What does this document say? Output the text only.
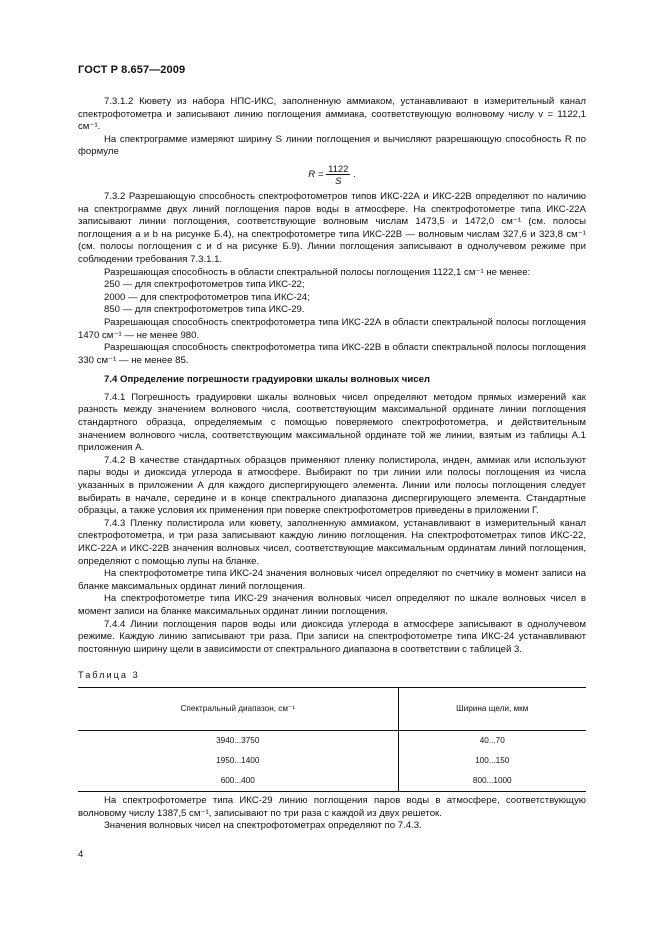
ГОСТ Р 8.657—2009

7.3.1.2 Кювету из набора НПС-ИКС, заполненную аммиаком, устанавливают в измерительный канал спектрофотометра и записывают линию поглощения аммиака, соответствующую волновому числу v = 1122,1 см⁻¹.

На спектрограмме измеряют ширину S линии поглощения и вычисляют разрешающую способность R по формуле

$R = \frac{1122}{S}$ .

7.3.2 Разрешающую способность спектрофотометров типов ИКС-22А и ИКС-22В определяют по наличию на спектрограмме двух линий поглощения паров воды в атмосфере. На спектрофотометре типа ИКС-22А записывают линии поглощения, соответствующие волновым числам 1473,5 и 1472,0 см⁻¹ (см. полосы поглощения a и b на рисунке Б.4), на спектрофотометре типа ИКС-22В — волновым числам 327,6 и 323,8 см⁻¹ (см. полосы поглощения c и d на рисунке Б.9). Линии поглощения записывают в однолучевом режиме при соблюдении требования 7.3.1.1.

Разрешающая способность в области спектральной полосы поглощения 1122,1 см⁻¹ не менее:

250 — для спектрофотометров типа ИКС-22;

2000 — для спектрофотометров типа ИКС-24;

850 — для спектрофотометров типа ИКС-29.

Разрешающая способность спектрофотометра типа ИКС-22А в области спектральной полосы поглощения 1470 см⁻¹ — не менее 980.

Разрешающая способность спектрофотометра типа ИКС-22В в области спектральной полосы поглощения 330 см⁻¹ — не менее 85.

7.4 Определение погрешности градуировки шкалы волновых чисел

7.4.1 Погрешность градуировки шкалы волновых чисел определяют методом прямых измерений как разность между значением волнового числа, соответствующим максимальной ординате линии поглощения стандартного образца, определяемым с помощью поверяемого спектрофотометра, и действительным значением волнового числа, соответствующим максимальной ординате той же линии, взятым из таблицы А.1 приложения А.

7.4.2 В качестве стандартных образцов применяют пленку полистирола, инден, аммиак или используют пары воды и диоксида углерода в атмосфере. Выбирают по три линии или полосы поглощения из числа указанных в приложении А для каждого диспергирующего элемента. Линии или полосы поглощения следует выбирать в начале, середине и в конце спектрального диапазона диспергирующего элемента. Стандартные образцы, а также условия их применения при поверке спектрофотометров приведены в приложении Г.

7.4.3 Пленку полистирола или кювету, заполненную аммиаком, устанавливают в измерительный канал спектрофотометра, и три раза записывают каждую линию поглощения. На спектрофотометрах типов ИКС-22, ИКС-22А и ИКС-22В значения волновых чисел, соответствующие максимальным ординатам линий поглощения, определяют с помощью лупы на бланке.

На спектрофотометре типа ИКС-24 значения волновых чисел определяют по счетчику в момент записи на бланке максимальных ординат линий поглощения.

На спектрофотометре типа ИКС-29 значения волновых чисел определяют по шкале волновых чисел в момент записи на бланке максимальных ординат линии поглощения.

7.4.4 Линии поглощения паров воды или диоксида углерода в атмосфере записывают в однолучевом режиме. Каждую линию записывают три раза. При записи на спектрофотометре типа ИКС-24 устанавливают постоянную ширину щели в зависимости от спектрального диапазона в соответствии с таблицей 3.

Таблица 3

Спектральный диапазон, см⁻¹	Ширина щели, мкм
3940...3750	40...70
1950...1400	100...150
600...400	800...1000

На спектрофотометре типа ИКС-29 линию поглощения паров воды в атмосфере, соответствующую волновому числу 1387,5 см⁻¹, записывают по три раза с каждой из двух решеток.

Значения волновых чисел на спектрофотометрах определяют по 7.4.3.

4
